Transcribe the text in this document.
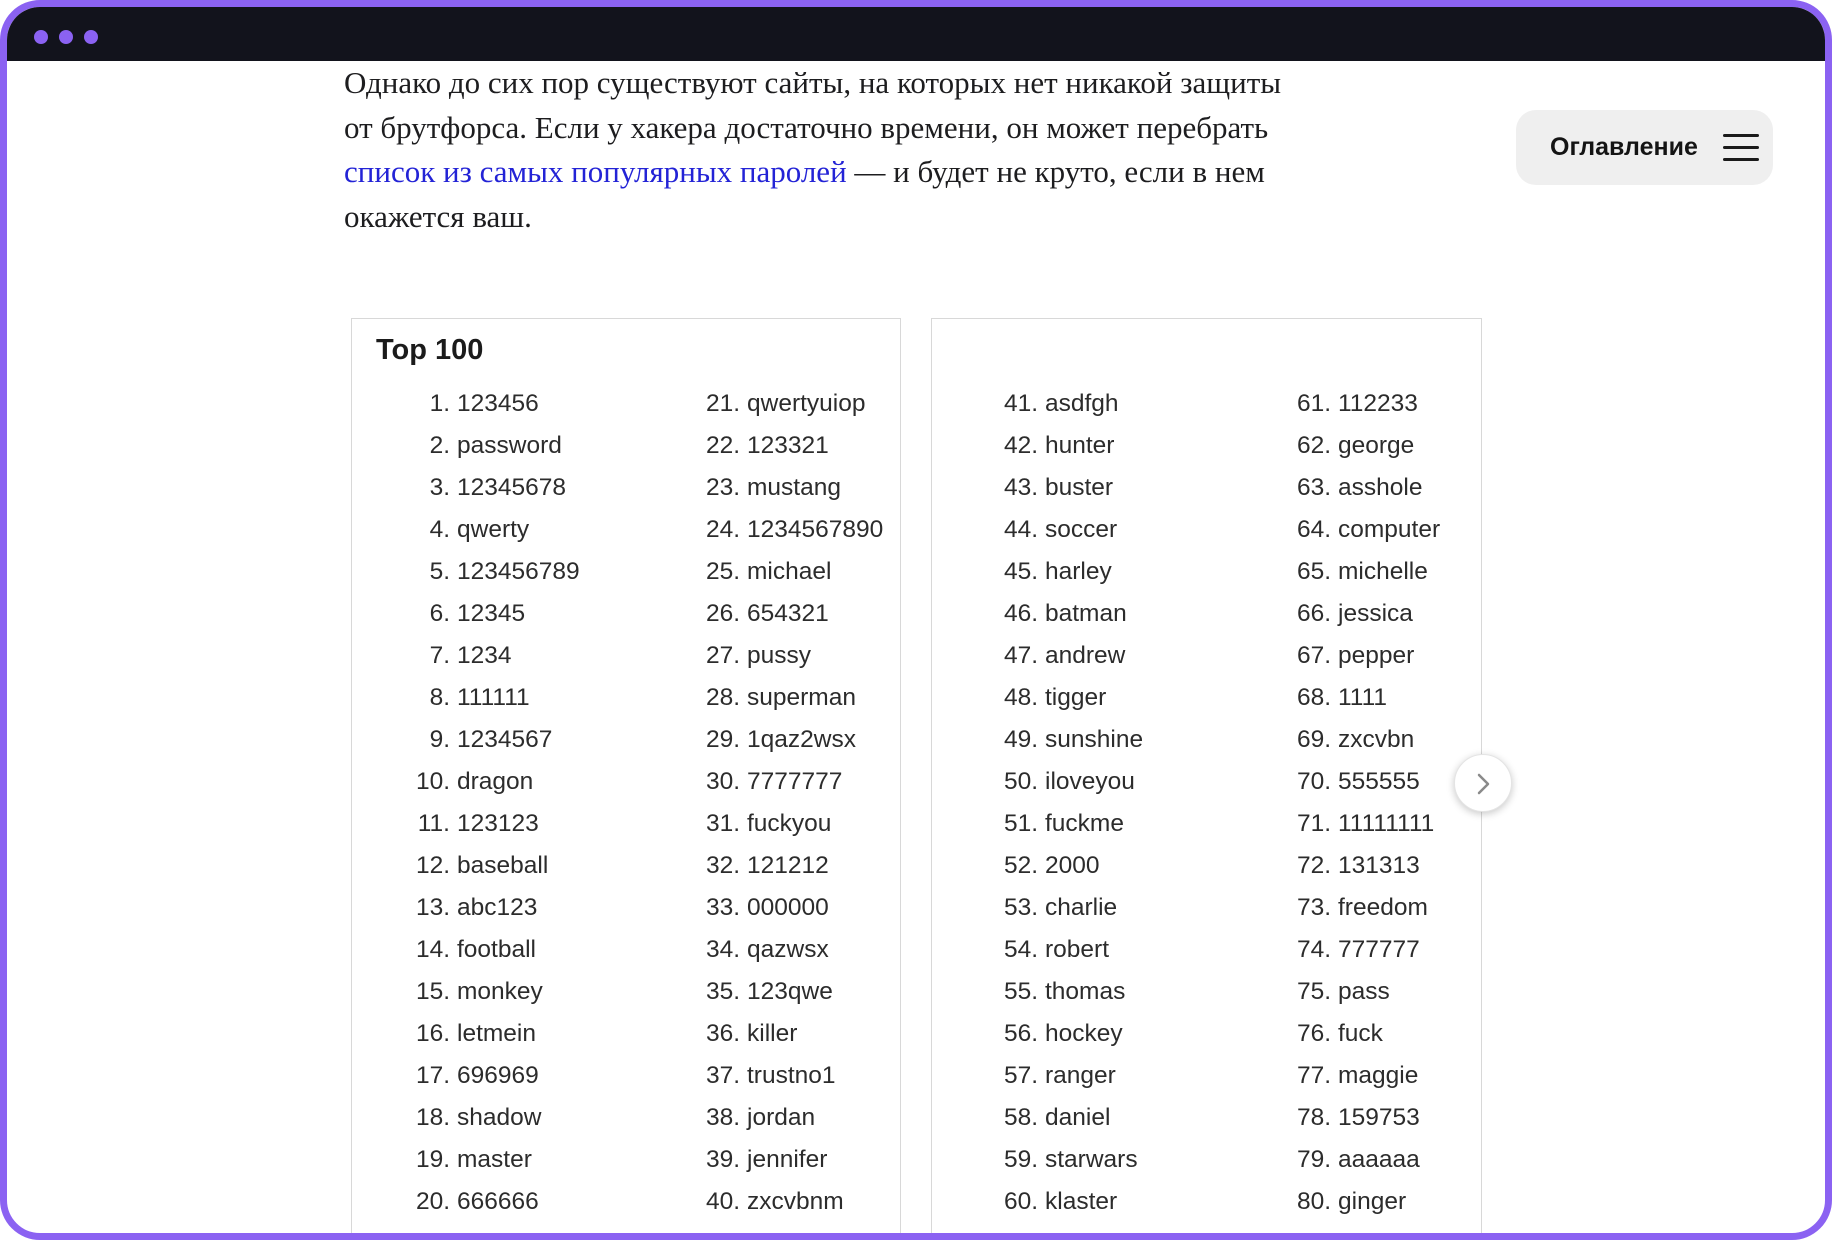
Однако до сих пор существуют сайты, на которых нет никакой защиты
от брутфорса. Если у хакера достаточно времени, он может перебрать
список из самых популярных паролей — и будет не круто, если в нем
окажется ваш.

Оглавление
Top 100
1. 123456
2. password
3. 12345678
4. qwerty
5. 123456789
6. 12345
7. 1234
8. 111111
9. 1234567
10. dragon
11. 123123
12. baseball
13. abc123
14. football
15. monkey
16. letmein
17. 696969
18. shadow
19. master
20. 666666
21. qwertyuiop
22. 123321
23. mustang
24. 1234567890
25. michael
26. 654321
27. pussy
28. superman
29. 1qaz2wsx
30. 7777777
31. fuckyou
32. 121212
33. 000000
34. qazwsx
35. 123qwe
36. killer
37. trustno1
38. jordan
39. jennifer
40. zxcvbnm
41. asdfgh
42. hunter
43. buster
44. soccer
45. harley
46. batman
47. andrew
48. tigger
49. sunshine
50. iloveyou
51. fuckme
52. 2000
53. charlie
54. robert
55. thomas
56. hockey
57. ranger
58. daniel
59. starwars
60. klaster
61. 112233
62. george
63. asshole
64. computer
65. michelle
66. jessica
67. pepper
68. 1111
69. zxcvbn
70. 555555
71. 11111111
72. 131313
73. freedom
74. 777777
75. pass
76. fuck
77. maggie
78. 159753
79. aaaaaa
80. ginger
